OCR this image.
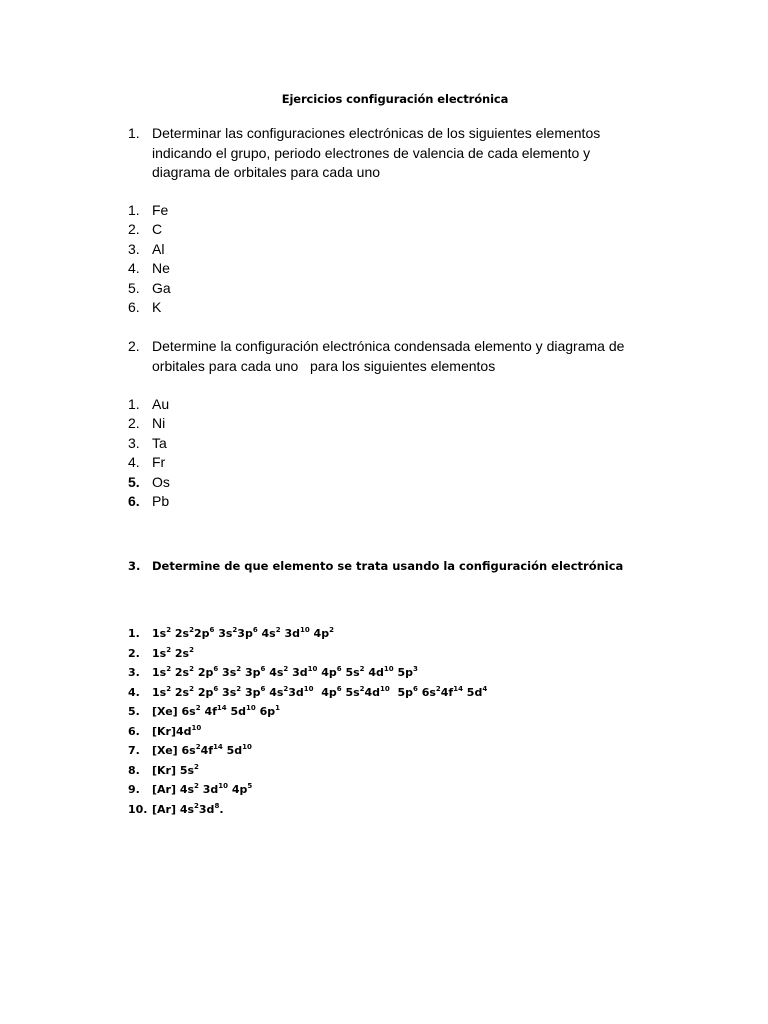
Ejercicios configuración electrónica
1. Determinar las configuraciones electrónicas de los siguientes elementos indicando el grupo, periodo electrones de valencia de cada elemento y diagrama de orbitales para cada uno
1. Fe
2. C
3. Al
4. Ne
5. Ga
6. K
2. Determine la configuración electrónica condensada elemento y diagrama de orbitales para cada uno   para los siguientes elementos
1. Au
2. Ni
3. Ta
4. Fr
5. Os
6. Pb
3. Determine de que elemento se trata usando la configuración electrónica
1. $1s^2$ $2s^22p^6$ $3s^23p^6$ $4s^2$ $3d^{10}$ $4p^2$
2. $1s^2$ $2s^2$
3. $1s^2$ $2s^2$ $2p^6$ $3s^2$ $3p^6$ $4s^2$ $3d^{10}$ $4p^6$ $5s^2$ $4d^{10}$ $5p^3$
4. $1s^2$ $2s^2$ $2p^6$ $3s^2$ $3p^6$ $4s^23d^{10}$  $4p^6$ $5s^24d^{10}$  $5p^6$ $6s^24f^{14}$ $5d^4$
5. [Xe] $6s^2$ $4f^{14}$ $5d^{10}$ $6p^1$
6. $[Kr]4d^{10}$
7. [Xe] $6s^24f^{14}$ $5d^{10}$
8. [Kr] $5s^2$
9. [Ar] $4s^2$ $3d^{10}$ $4p^5$
10. [Ar] $4s^23d^8$.
